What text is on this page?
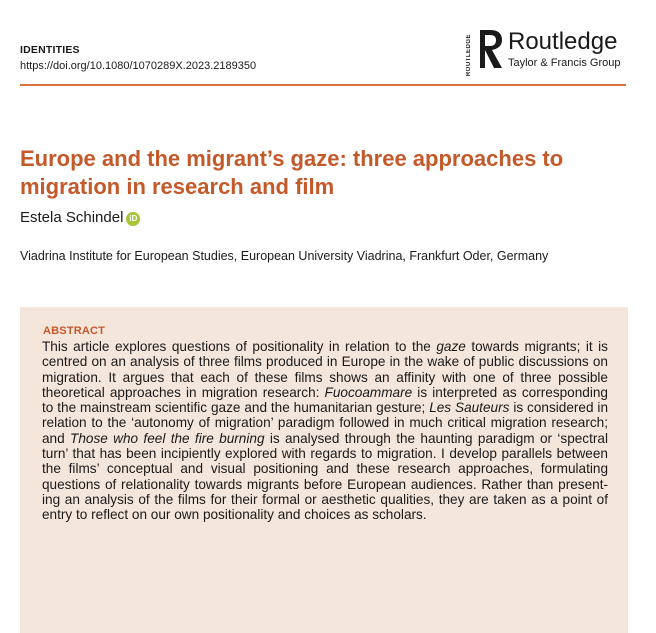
IDENTITIES
https://doi.org/10.1080/1070289X.2023.2189350	ROUTLEDGE Routledge
Taylor & Francis Group
Europe and the migrant’s gaze: three approaches to migration in research and film
Estela Schindel iD
Viadrina Institute for European Studies, European University Viadrina, Frankfurt Oder, Germany
ABSTRACT
This article explores questions of positionality in relation to the gaze towards migrants; it is centred on an analysis of three films produced in Europe in the wake of public discussions on migration. It argues that each of these films shows an affinity with one of three possible theoretical approaches in migration research: Fuocoammare is interpreted as corresponding to the mainstream scientific gaze and the humanitarian gesture; Les Sauteurs is considered in relation to the ‘autonomy of migration’ paradigm followed in much critical migration research; and Those who feel the fire burning is analysed through the haunting paradigm or ‘spectral turn’ that has been incipiently explored with regards to migration. I develop parallels between the films’ conceptual and visual positioning and these research approaches, formulating questions of relationality towards migrants before European audiences. Rather than present-ing an analysis of the films for their formal or aesthetic qualities, they are taken as a point of entry to reflect on our own positionality and choices as scholars.
